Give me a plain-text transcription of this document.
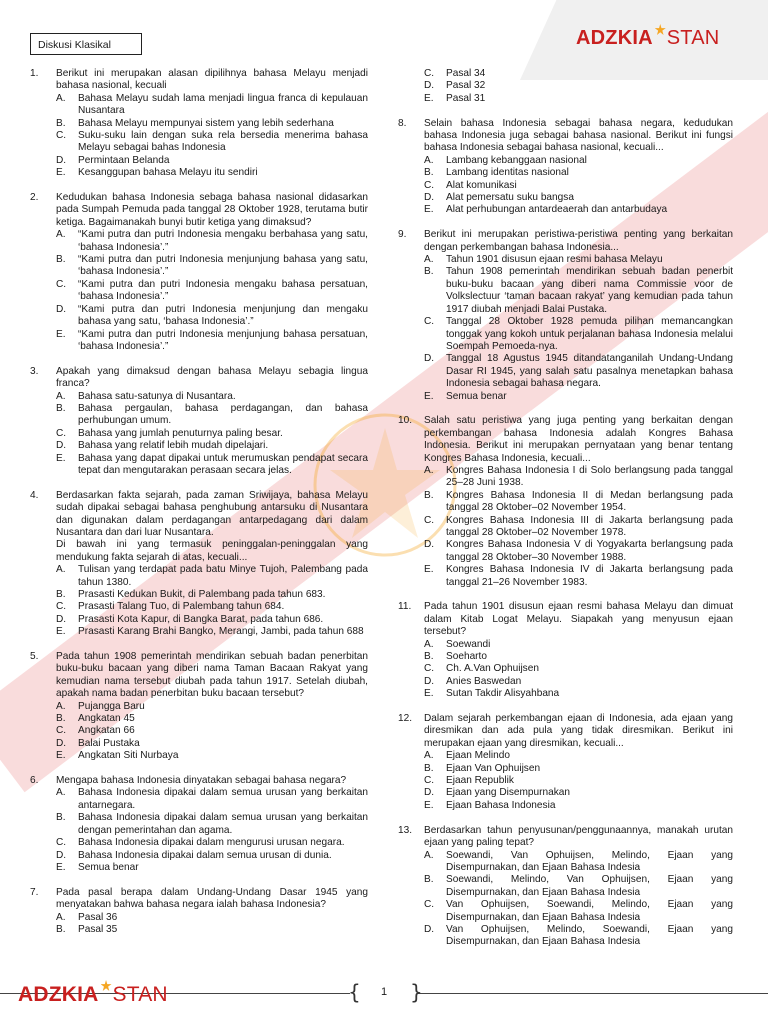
Diskusi Klasikal	ADZKIA STAN
1.	Berikut ini merupakan alasan dipilihnya bahasa Melayu menjadi bahasa nasional, kecuali
A.	Bahasa Melayu sudah lama menjadi lingua franca di kepulauan Nusantara
B.	Bahasa Melayu mempunyai sistem yang lebih sederhana
C.	Suku-suku lain dengan suka rela bersedia menerima bahasa Melayu sebagai bahas Indonesia
D.	Permintaan Belanda
E.	Kesanggupan bahasa Melayu itu sendiri
2.	Kedudukan bahasa Indonesia sebaga bahasa nasional didasarkan pada Sumpah Pemuda pada tanggal 28 Oktober 1928, terutama butir ketiga. Bagaimanakah bunyi butir ketiga yang dimaksud?
A.	“Kami putra dan putri Indonesia mengaku berbahasa yang satu, ‘bahasa Indonesia’.”
B.	“Kami putra dan putri Indonesia menjunjung bahasa yang satu, ‘bahasa Indonesia’.”
C.	“Kami putra dan putri Indonesia mengaku bahasa persatuan, ‘bahasa Indonesia’.”
D.	“Kami putra dan putri Indonesia menjunjung dan mengaku bahasa yang satu, ‘bahasa Indonesia’.”
E.	“Kami putra dan putri Indonesia menjunjung bahasa persatuan, ‘bahasa Indonesia’.”
3.	Apakah yang dimaksud dengan bahasa Melayu sebagia lingua franca?
A.	Bahasa satu-satunya di Nusantara.
B.	Bahasa pergaulan, bahasa perdagangan, dan bahasa perhubungan umum.
C.	Bahasa yang jumlah penuturnya paling besar.
D.	Bahasa yang relatif lebih mudah dipelajari.
E.	Bahasa yang dapat dipakai untuk merumuskan pendapat secara tepat dan mengutarakan perasaan secara jelas.
4.	Berdasarkan fakta sejarah, pada zaman Sriwijaya, bahasa Melayu sudah dipakai sebagai bahasa penghubung antarsuku di Nusantara dan digunakan dalam perdagangan antarpedagang dari dalam Nusantara dan dari luar Nusantara.
Di bawah ini yang termasuk peninggalan-peninggalan yang mendukung fakta sejarah di atas, kecuali...
A.	Tulisan yang terdapat pada batu Minye Tujoh, Palembang pada tahun 1380.
B.	Prasasti Kedukan Bukit, di Palembang pada tahun 683.
C.	Prasasti Talang Tuo, di Palembang tahun 684.
D.	Prasasti Kota Kapur, di Bangka Barat, pada tahun 686.
E.	Prasasti Karang Brahi Bangko, Merangi, Jambi, pada tahun 688
5.	Pada tahun 1908 pemerintah mendirikan sebuah badan penerbitan buku-buku bacaan yang diberi nama Taman Bacaan Rakyat yang kemudian nama tersebut diubah pada tahun 1917. Setelah diubah, apakah nama badan penerbitan buku bacaan tersebut?
A.	Pujangga Baru
B.	Angkatan 45
C.	Angkatan 66
D.	Balai Pustaka
E.	Angkatan Siti Nurbaya
6.	Mengapa bahasa Indonesia dinyatakan sebagai bahasa negara?
A.	Bahasa Indonesia dipakai dalam semua urusan yang berkaitan antarnegara.
B.	Bahasa Indonesia dipakai dalam semua urusan yang berkaitan dengan pemerintahan dan agama.
C.	Bahasa Indonesia dipakai dalam mengurusi urusan negara.
D.	Bahasa Indonesia dipakai dalam semua urusan di dunia.
E.	Semua benar
7.	Pada pasal berapa dalam Undang-Undang Dasar 1945 yang menyatakan bahwa bahasa negara ialah bahasa Indonesia?
A.	Pasal 36
B.	Pasal 35
C.	Pasal 34
D.	Pasal 32
E.	Pasal 31
8.	Selain bahasa Indonesia sebagai bahasa negara, kedudukan bahasa Indonesia juga sebagai bahasa nasional. Berikut ini fungsi bahasa Indonesia sebagai bahasa nasional, kecuali...
A.	Lambang kebanggaan nasional
B.	Lambang identitas nasional
C.	Alat komunikasi
D.	Alat pemersatu suku bangsa
E.	Alat perhubungan antardeaerah dan antarbudaya
9.	Berikut ini merupakan peristiwa-peristiwa penting yang berkaitan dengan perkembangan bahasa Indonesia...
A.	Tahun 1901 disusun ejaan resmi bahasa Melayu
B.	Tahun 1908 pemerintah mendirikan sebuah badan penerbit buku-buku bacaan yang diberi nama Commissie voor de Volkslectuur ‘taman bacaan rakyat’ yang kemudian pada tahun 1917 diubah menjadi Balai Pustaka.
C.	Tanggal 28 Oktober 1928 pemuda pilihan memancangkan tonggak yang kokoh untuk perjalanan bahasa Indonesia melalui Soempah Pemoeda-nya.
D.	Tanggal 18 Agustus 1945 ditandatanganilah Undang-Undang Dasar RI 1945, yang salah satu pasalnya menetapkan bahasa Indonesia sebagai bahasa negara.
E.	Semua benar
10.	Salah satu peristiwa yang juga penting yang berkaitan dengan perkembangan bahasa Indonesia adalah Kongres Bahasa Indonesia. Berikut ini merupakan pernyataan yang benar tentang Kongres Bahasa Indonesia, kecuali...
A.	Kongres Bahasa Indonesia I di Solo berlangsung pada tanggal 25–28 Juni 1938.
B.	Kongres Bahasa Indonesia II di Medan berlangsung pada tanggal 28 Oktober–02 November 1954.
C.	Kongres Bahasa Indonesia III di Jakarta berlangsung pada tanggal 28 Oktober–02 November 1978.
D.	Kongres Bahasa Indonesia V di Yogyakarta berlangsung pada tanggal 28 Oktober–30 November 1988.
E.	Kongres Bahasa Indonesia IV di Jakarta berlangsung pada tanggal 21–26 November 1983.
11.	Pada tahun 1901 disusun ejaan resmi bahasa Melayu dan dimuat dalam Kitab Logat Melayu. Siapakah yang menyusun ejaan tersebut?
A.	Soewandi
B.	Soeharto
C.	Ch. A.Van Ophuijsen
D.	Anies Baswedan
E.	Sutan Takdir Alisyahbana
12.	Dalam sejarah perkembangan ejaan di Indonesia, ada ejaan yang diresmikan dan ada pula yang tidak diresmikan. Berikut ini merupakan ejaan yang diresmikan, kecuali...
A.	Ejaan Melindo
B.	Ejaan Van Ophuijsen
C.	Ejaan Republik
D.	Ejaan yang Disempurnakan
E.	Ejaan Bahasa Indonesia
13.	Berdasarkan tahun penyusunan/penggunaannya, manakah urutan ejaan yang paling tepat?
A.	Soewandi, Van Ophuijsen, Melindo, Ejaan yang Disempurnakan, dan Ejaan Bahasa Indesia
B.	Soewandi, Melindo, Van Ophuijsen, Ejaan yang Disempurnakan, dan Ejaan Bahasa Indesia
C.	Van Ophuijsen, Soewandi, Melindo, Ejaan yang Disempurnakan, dan Ejaan Bahasa Indesia
D.	Van Ophuijsen, Melindo, Soewandi, Ejaan yang Disempurnakan, dan Ejaan Bahasa Indesia
{ }
1
ADZKIA STAN
